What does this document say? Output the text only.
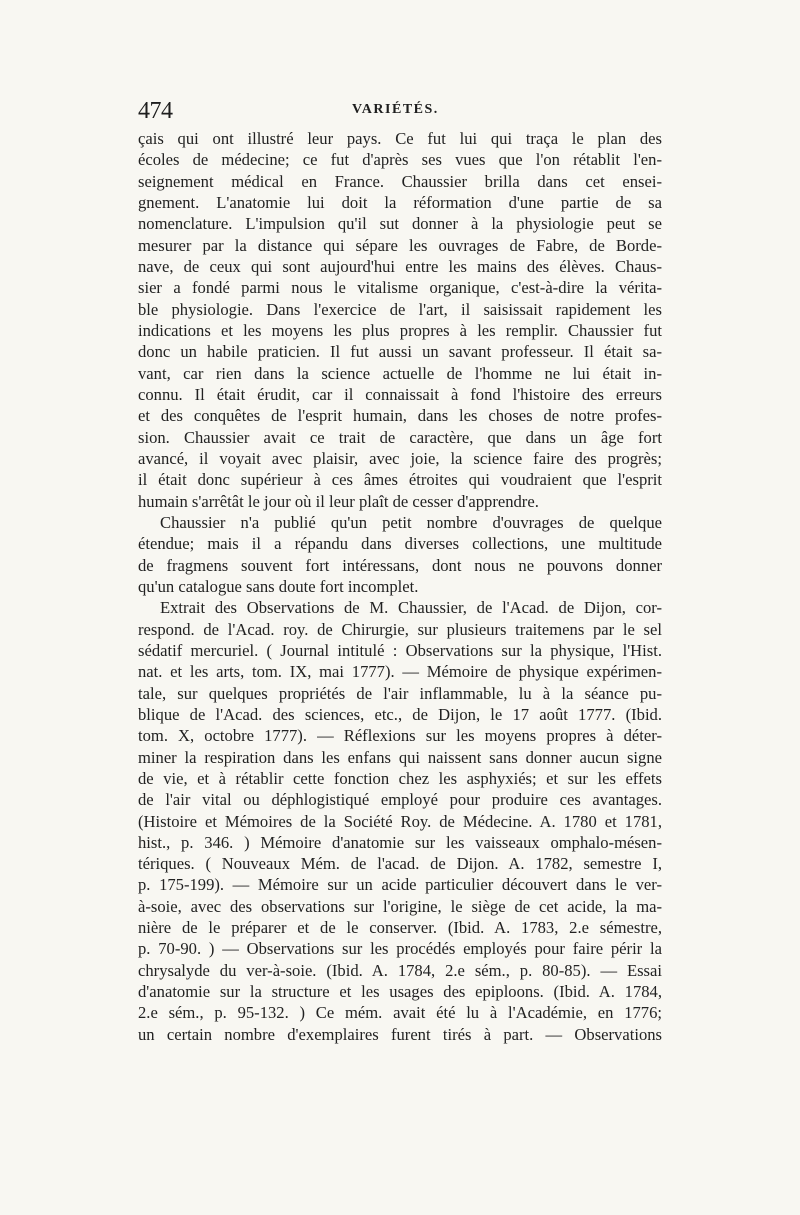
474	VARIÉTÉS.
çais qui ont illustré leur pays. Ce fut lui qui traça le plan des
écoles de médecine; ce fut d'après ses vues que l'on rétablit l'en-
seignement médical en France. Chaussier brilla dans cet ensei-
gnement. L'anatomie lui doit la réformation d'une partie de sa
nomenclature. L'impulsion qu'il sut donner à la physiologie peut se
mesurer par la distance qui sépare les ouvrages de Fabre, de Borde-
nave, de ceux qui sont aujourd'hui entre les mains des élèves. Chaus-
sier a fondé parmi nous le vitalisme organique, c'est-à-dire la vérita-
ble physiologie. Dans l'exercice de l'art, il saisissait rapidement les
indications et les moyens les plus propres à les remplir. Chaussier fut
donc un habile praticien. Il fut aussi un savant professeur. Il était sa-
vant, car rien dans la science actuelle de l'homme ne lui était in-
connu. Il était érudit, car il connaissait à fond l'histoire des erreurs
et des conquêtes de l'esprit humain, dans les choses de notre profes-
sion. Chaussier avait ce trait de caractère, que dans un âge fort
avancé, il voyait avec plaisir, avec joie, la science faire des progrès;
il était donc supérieur à ces âmes étroites qui voudraient que l'esprit
humain s'arrêtât le jour où il leur plaît de cesser d'apprendre.
Chaussier n'a publié qu'un petit nombre d'ouvrages de quelque
étendue; mais il a répandu dans diverses collections, une multitude
de fragmens souvent fort intéressans, dont nous ne pouvons donner
qu'un catalogue sans doute fort incomplet.
Extrait des Observations de M. Chaussier, de l'Acad. de Dijon, cor-
respond. de l'Acad. roy. de Chirurgie, sur plusieurs traitemens par le sel
sédatif mercuriel. ( Journal intitulé : Observations sur la physique, l'Hist.
nat. et les arts, tom. IX, mai 1777). — Mémoire de physique expérimen-
tale, sur quelques propriétés de l'air inflammable, lu à la séance pu-
blique de l'Acad. des sciences, etc., de Dijon, le 17 août 1777. (Ibid.
tom. X, octobre 1777). — Réflexions sur les moyens propres à déter-
miner la respiration dans les enfans qui naissent sans donner aucun signe
de vie, et à rétablir cette fonction chez les asphyxiés; et sur les effets
de l'air vital ou déphlogistiqué employé pour produire ces avantages.
(Histoire et Mémoires de la Société Roy. de Médecine. A. 1780 et 1781,
hist., p. 346. ) Mémoire d'anatomie sur les vaisseaux omphalo-mésen-
tériques. ( Nouveaux Mém. de l'acad. de Dijon. A. 1782, semestre I,
p. 175-199). — Mémoire sur un acide particulier découvert dans le ver-
à-soie, avec des observations sur l'origine, le siège de cet acide, la ma-
nière de le préparer et de le conserver. (Ibid. A. 1783, 2.e sémestre,
p. 70-90. ) — Observations sur les procédés employés pour faire périr la
chrysalyde du ver-à-soie. (Ibid. A. 1784, 2.e sém., p. 80-85). — Essai
d'anatomie sur la structure et les usages des epiploons. (Ibid. A. 1784,
2.e sém., p. 95-132. ) Ce mém. avait été lu à l'Académie, en 1776;
un certain nombre d'exemplaires furent tirés à part. — Observations
